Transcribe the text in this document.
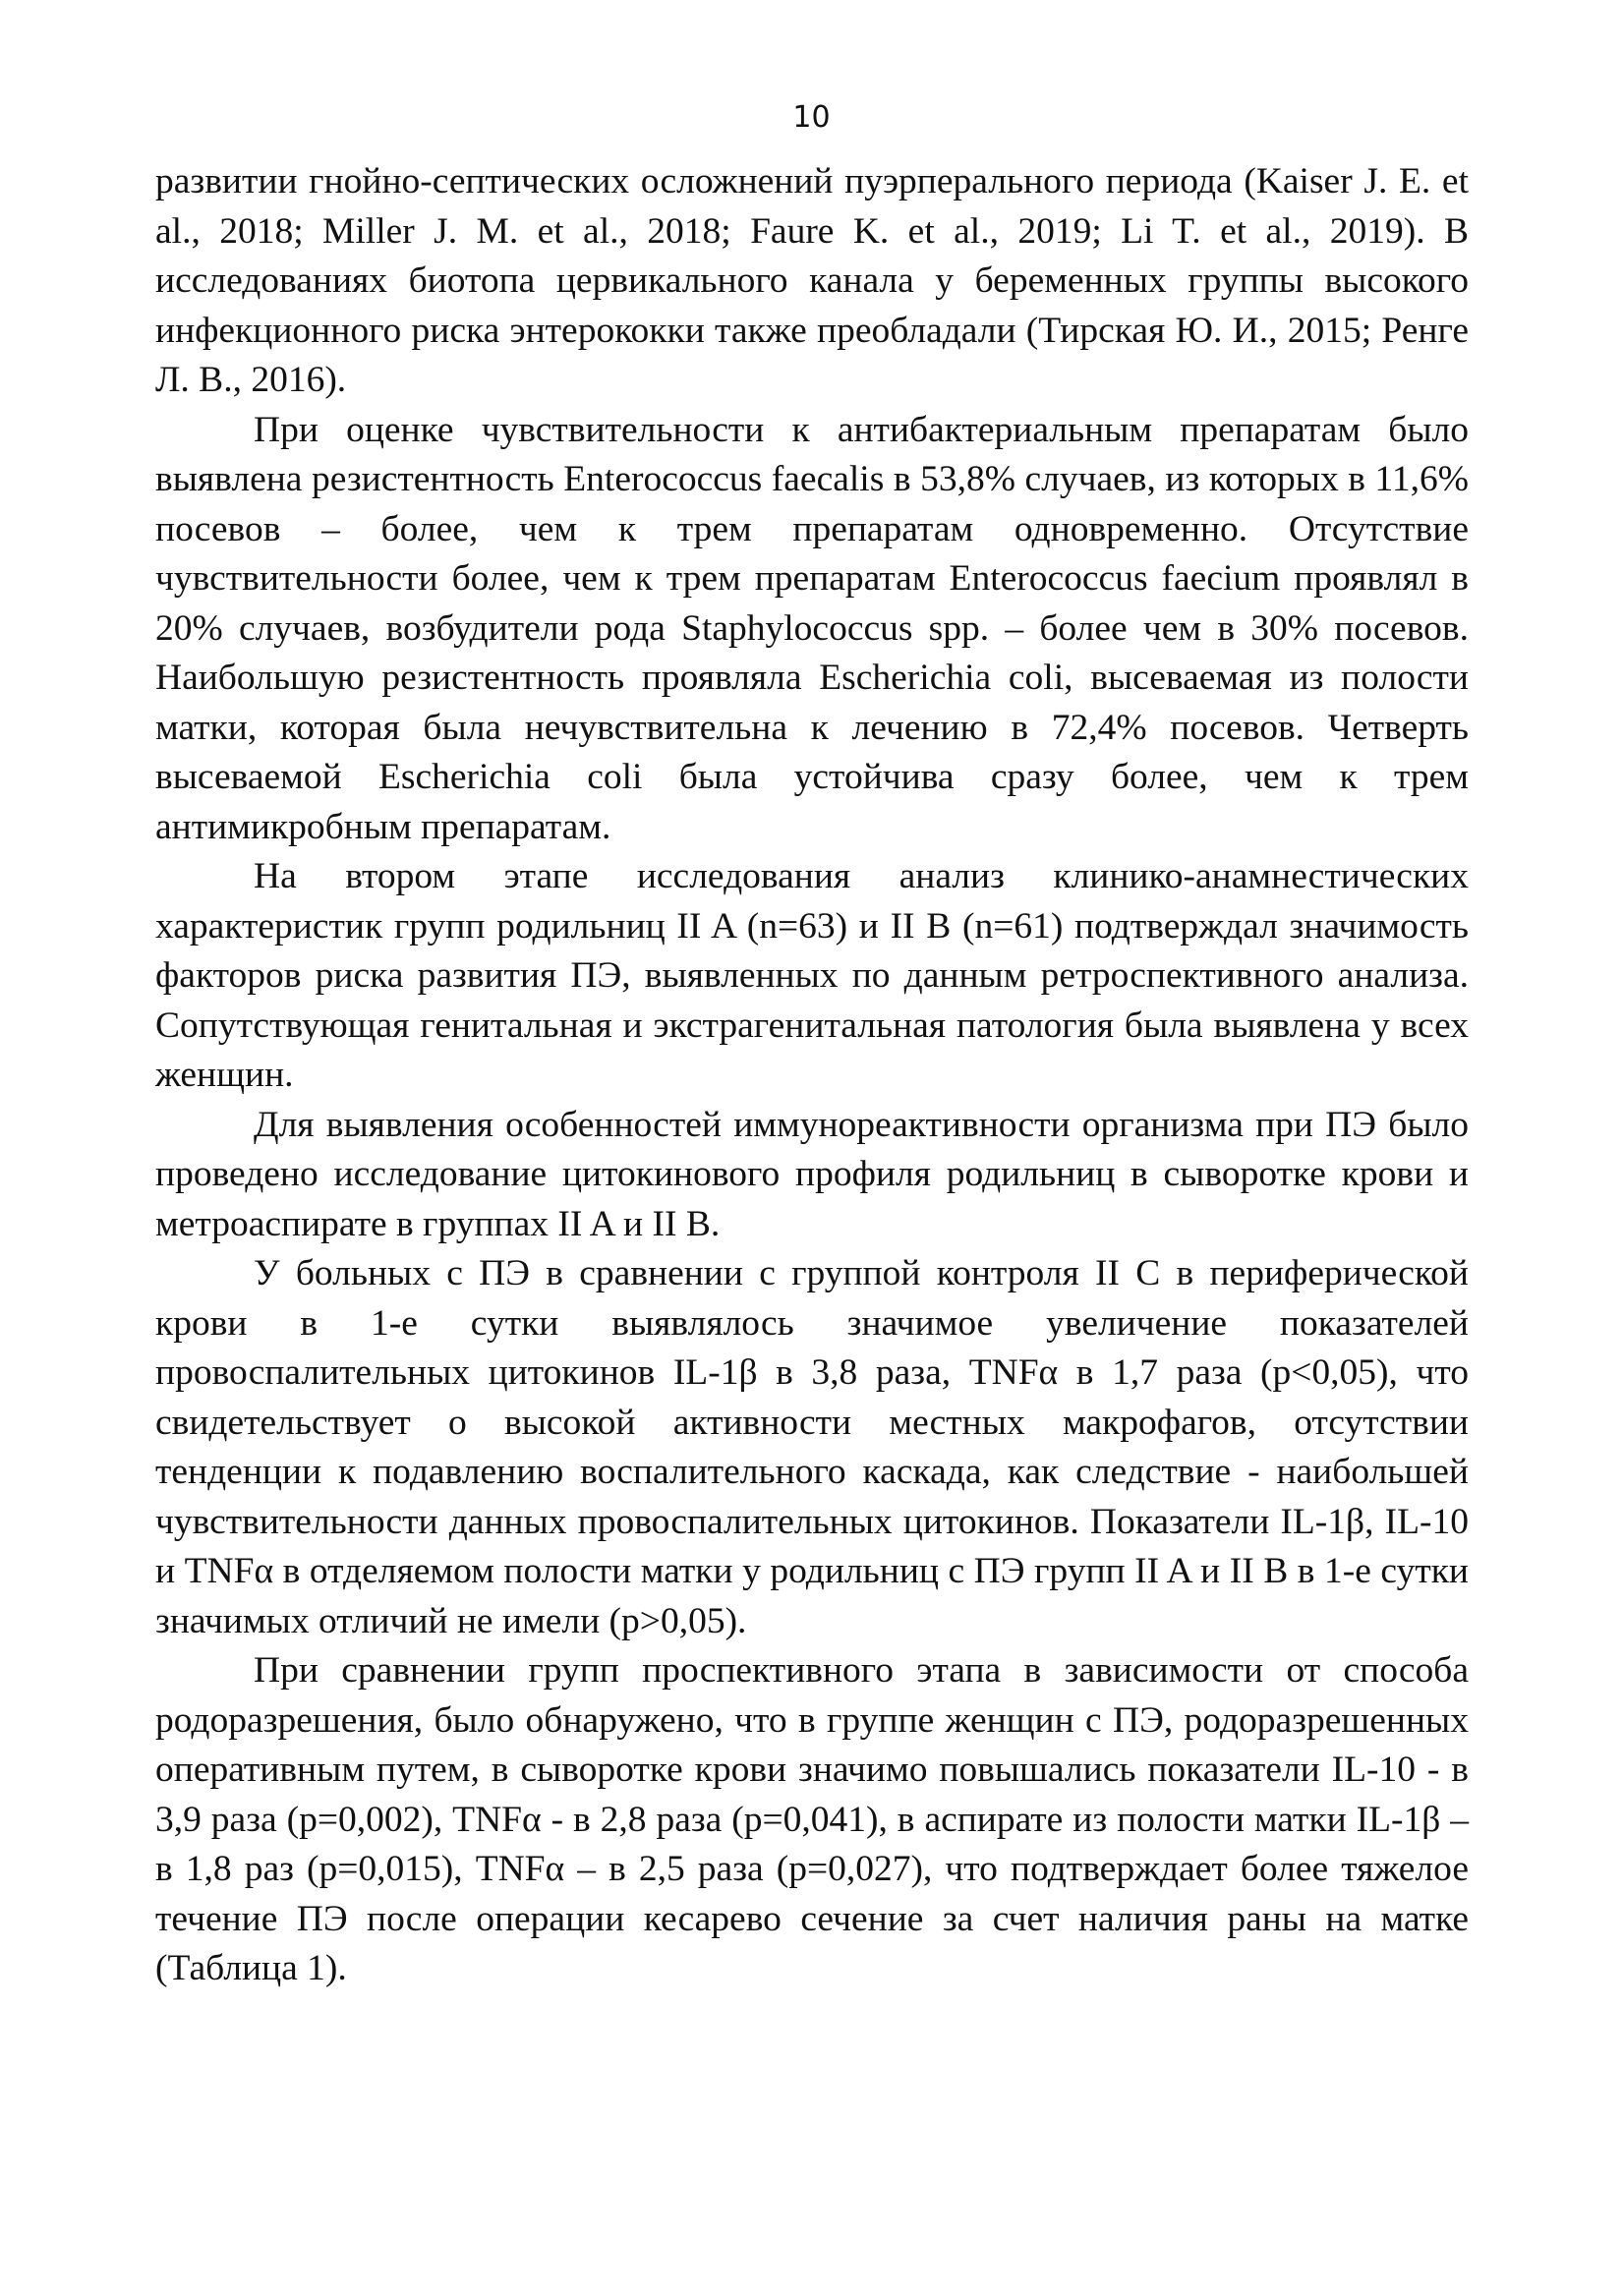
10

развитии гнойно-септических осложнений пуэрперального периода (Kaiser J. E. et al., 2018; Miller J. M. et al., 2018; Faure K. et al., 2019; Li T. et al., 2019). В исследованиях биотопа цервикального канала у беременных группы высокого инфекционного риска энтерококки также преобладали (Тирская Ю. И., 2015; Ренге Л. В., 2016).

При оценке чувствительности к антибактериальным препаратам было выявлена резистентность Enterococcus faecalis в 53,8% случаев, из которых в 11,6% посевов – более, чем к трем препаратам одновременно. Отсутствие чувствительности более, чем к трем препаратам Enterococcus faecium проявлял в 20% случаев, возбудители рода Staphylococcus spp. – более чем в 30% посевов. Наибольшую резистентность проявляла Escherichia coli, высеваемая из полости матки, которая была нечувствительна к лечению в 72,4% посевов. Четверть высеваемой Escherichia coli была устойчива сразу более, чем к трем антимикробным препаратам.

На втором этапе исследования анализ клинико-анамнестических характеристик групп родильниц II A (n=63) и II B (n=61) подтверждал значимость факторов риска развития ПЭ, выявленных по данным ретроспективного анализа. Сопутствующая генитальная и экстрагенитальная патология была выявлена у всех женщин.

Для выявления особенностей иммунореактивности организма при ПЭ было проведено исследование цитокинового профиля родильниц в сыворотке крови и метроаспирате в группах II A и II B.

У больных с ПЭ в сравнении с группой контроля II C в периферической крови в 1-е сутки выявлялось значимое увеличение показателей провоспалительных цитокинов IL-1β в 3,8 раза, TNFα в 1,7 раза (p<0,05), что свидетельствует о высокой активности местных макрофагов, отсутствии тенденции к подавлению воспалительного каскада, как следствие - наибольшей чувствительности данных провоспалительных цитокинов. Показатели IL-1β, IL-10 и TNFα в отделяемом полости матки у родильниц с ПЭ групп II A и II B в 1-е сутки значимых отличий не имели (p>0,05).

При сравнении групп проспективного этапа в зависимости от способа родоразрешения, было обнаружено, что в группе женщин с ПЭ, родоразрешенных оперативным путем, в сыворотке крови значимо повышались показатели IL-10 - в 3,9 раза (p=0,002), TNFα - в 2,8 раза (p=0,041), в аспирате из полости матки IL-1β – в 1,8 раз (p=0,015), TNFα – в 2,5 раза (p=0,027), что подтверждает более тяжелое течение ПЭ после операции кесарево сечение за счет наличия раны на матке (Таблица 1).
